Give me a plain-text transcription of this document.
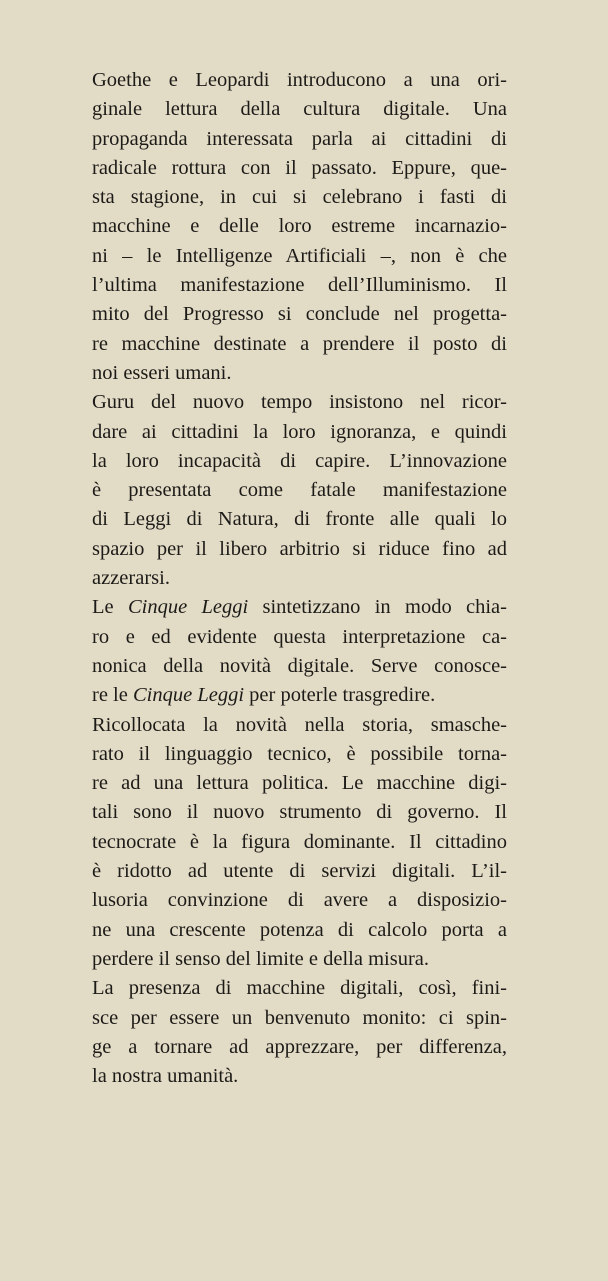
Goethe e Leopardi introducono a una ori-
ginale lettura della cultura digitale. Una
propaganda interessata parla ai cittadini di
radicale rottura con il passato. Eppure, que-
sta stagione, in cui si celebrano i fasti di
macchine e delle loro estreme incarnazio-
ni – le Intelligenze Artificiali –, non è che
l’ultima manifestazione dell’Illuminismo. Il
mito del Progresso si conclude nel progetta-
re macchine destinate a prendere il posto di
noi esseri umani.
Guru del nuovo tempo insistono nel ricor-
dare ai cittadini la loro ignoranza, e quindi
la loro incapacità di capire. L’innovazione
è presentata come fatale manifestazione
di Leggi di Natura, di fronte alle quali lo
spazio per il libero arbitrio si riduce fino ad
azzerarsi.
Le Cinque Leggi sintetizzano in modo chia-
ro e ed evidente questa interpretazione ca-
nonica della novità digitale. Serve conosce-
re le Cinque Leggi per poterle trasgredire.
Ricollocata la novità nella storia, smasche-
rato il linguaggio tecnico, è possibile torna-
re ad una lettura politica. Le macchine digi-
tali sono il nuovo strumento di governo. Il
tecnocrate è la figura dominante. Il cittadino
è ridotto ad utente di servizi digitali. L’il-
lusoria convinzione di avere a disposizio-
ne una crescente potenza di calcolo porta a
perdere il senso del limite e della misura.
La presenza di macchine digitali, così, fini-
sce per essere un benvenuto monito: ci spin-
ge a tornare ad apprezzare, per differenza,
la nostra umanità.
